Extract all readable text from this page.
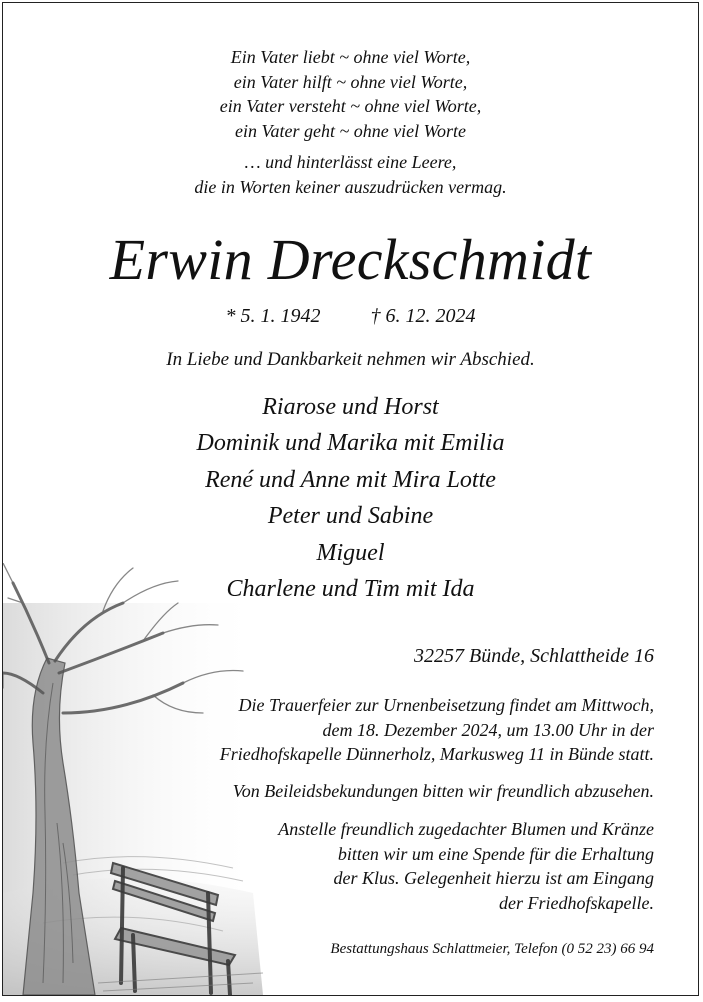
Ein Vater liebt ~ ohne viel Worte,
ein Vater hilft ~ ohne viel Worte,
ein Vater versteht ~ ohne viel Worte,
ein Vater geht ~ ohne viel Worte
… und hinterlässt eine Leere,
die in Worten keiner auszudrücken vermag.
Erwin Dreckschmidt
* 5. 1. 1942	† 6. 12. 2024
In Liebe und Dankbarkeit nehmen wir Abschied.
Riarose und Horst
Dominik und Marika mit Emilia
René und Anne mit Mira Lotte
Peter und Sabine
Miguel
Charlene und Tim mit Ida
32257 Bünde, Schlattheide 16
Die Trauerfeier zur Urnenbeisetzung findet am Mittwoch,
dem 18. Dezember 2024, um 13.00 Uhr in der
Friedhofskapelle Dünnerholz, Markusweg 11 in Bünde statt.
Von Beileidsbekundungen bitten wir freundlich abzusehen.
Anstelle freundlich zugedachter Blumen und Kränze
bitten wir um eine Spende für die Erhaltung
der Klus. Gelegenheit hierzu ist am Eingang
der Friedhofskapelle.
Bestattungshaus Schlattmeier, Telefon (0 52 23) 66 94
